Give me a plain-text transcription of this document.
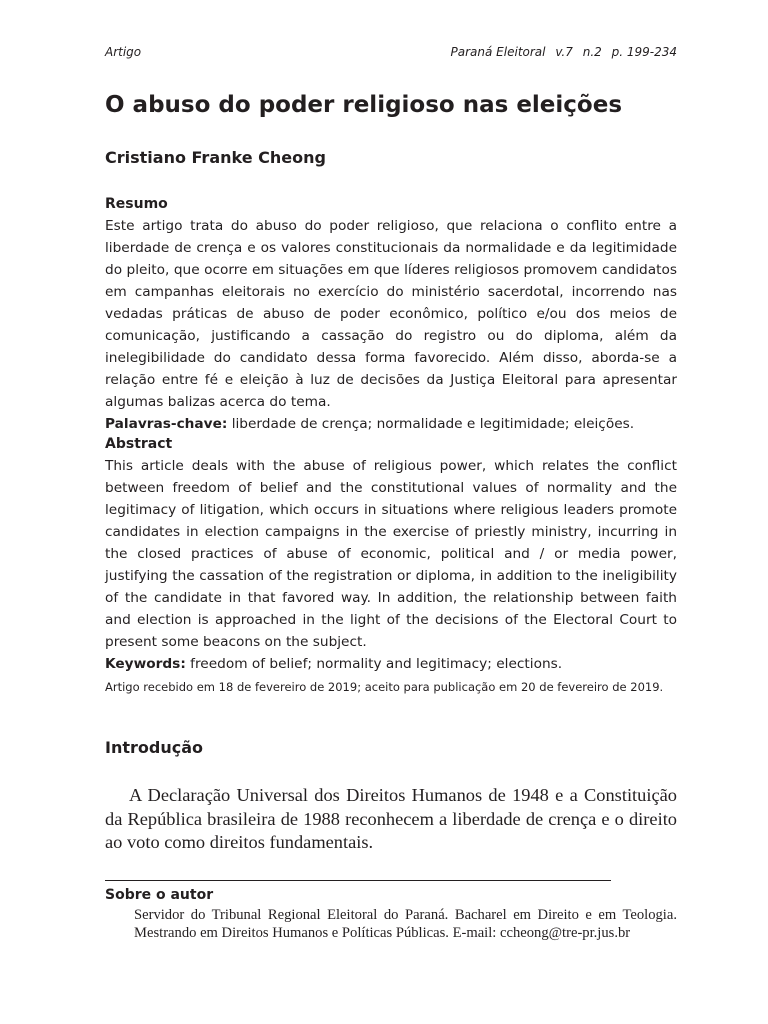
Artigo	Paraná Eleitoral v.7 n.2 p. 199-234
O abuso do poder religioso nas eleições
Cristiano Franke Cheong
Resumo

Este artigo trata do abuso do poder religioso, que relaciona o conflito entre a liberdade de crença e os valores constitucionais da normalidade e da legitimidade do pleito, que ocorre em situações em que líderes religiosos promovem candidatos em campanhas eleitorais no exercício do ministério sacerdotal, incorrendo nas vedadas práticas de abuso de poder econômico, político e/ou dos meios de comunicação, justificando a cassação do registro ou do diploma, além da inelegibilidade do candidato dessa forma favorecido. Além disso, aborda-se a relação entre fé e eleição à luz de decisões da Justiça Eleitoral para apresentar algumas balizas acerca do tema.

Palavras-chave: liberdade de crença; normalidade e legitimidade; eleições.

Abstract

This article deals with the abuse of religious power, which relates the conflict between freedom of belief and the constitutional values of normality and the legitimacy of litigation, which occurs in situations where religious leaders promote candidates in election campaigns in the exercise of priestly ministry, incurring in the closed practices of abuse of economic, political and / or media power, justifying the cassation of the registration or diploma, in addition to the ineligibility of the candidate in that favored way. In addition, the relationship between faith and election is approached in the light of the decisions of the Electoral Court to present some beacons on the subject.

Keywords: freedom of belief; normality and legitimacy; elections.

Artigo recebido em 18 de fevereiro de 2019; aceito para publicação em 20 de fevereiro de 2019.
Introdução

A Declaração Universal dos Direitos Humanos de 1948 e a Constituição da República brasileira de 1988 reconhecem a liberdade de crença e o direito ao voto como direitos fundamentais.

Sobre o autor

Servidor do Tribunal Regional Eleitoral do Paraná. Bacharel em Direito e em Teologia. Mestrando em Direitos Humanos e Políticas Públicas. E-mail: ccheong@tre-pr.jus.br
